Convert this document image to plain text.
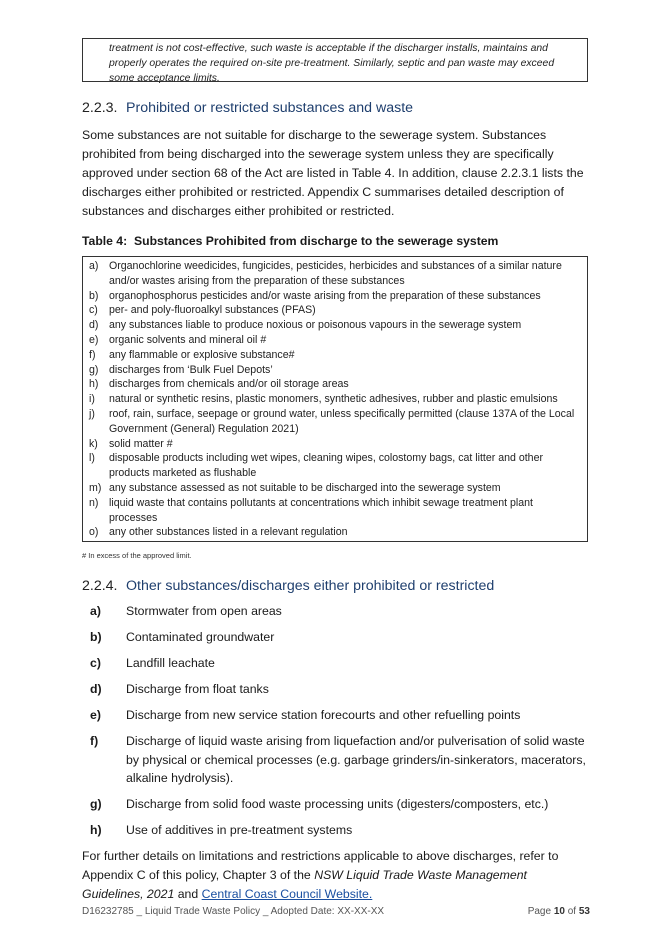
treatment is not cost-effective, such waste is acceptable if the discharger installs, maintains and properly operates the required on-site pre-treatment. Similarly, septic and pan waste may exceed some acceptance limits.
2.2.3. Prohibited or restricted substances and waste
Some substances are not suitable for discharge to the sewerage system. Substances prohibited from being discharged into the sewerage system unless they are specifically approved under section 68 of the Act are listed in Table 4. In addition, clause 2.2.3.1 lists the discharges either prohibited or restricted. Appendix C summarises detailed description of substances and discharges either prohibited or restricted.
Table 4: Substances Prohibited from discharge to the sewerage system
a) Organochlorine weedicides, fungicides, pesticides, herbicides and substances of a similar nature and/or wastes arising from the preparation of these substances
b) organophosphorus pesticides and/or waste arising from the preparation of these substances
c)	per- and poly-fluoroalkyl substances (PFAS)
d) any substances liable to produce noxious or poisonous vapours in the sewerage system
e) organic solvents and mineral oil #
f)	any flammable or explosive substance#
g) discharges from ‘Bulk Fuel Depots’
h) discharges from chemicals and/or oil storage areas
i)	natural or synthetic resins, plastic monomers, synthetic adhesives, rubber and plastic emulsions
j)	roof, rain, surface, seepage or ground water, unless specifically permitted (clause 137A of the Local Government (General) Regulation 2021)
k)	solid matter #
l)	disposable products including wet wipes, cleaning wipes, colostomy bags, cat litter and other products marketed as flushable
m) any substance assessed as not suitable to be discharged into the sewerage system
n) liquid waste that contains pollutants at concentrations which inhibit sewage treatment plant processes
o) any other substances listed in a relevant regulation
# In excess of the approved limit.
2.2.4. Other substances/discharges either prohibited or restricted
a)	Stormwater from open areas
b)	Contaminated groundwater
c)	Landfill leachate
d)	Discharge from float tanks
e)	Discharge from new service station forecourts and other refuelling points
f)	Discharge of liquid waste arising from liquefaction and/or pulverisation of solid waste by physical or chemical processes (e.g. garbage grinders/in-sinkerators, macerators, alkaline hydrolysis).
g)	Discharge from solid food waste processing units (digesters/composters, etc.)
h)	Use of additives in pre-treatment systems
For further details on limitations and restrictions applicable to above discharges, refer to Appendix C of this policy, Chapter 3 of the NSW Liquid Trade Waste Management Guidelines, 2021 and Central Coast Council Website.
D16232785 _ Liquid Trade Waste Policy _ Adopted Date: XX-XX-XX	Page 10 of 53
